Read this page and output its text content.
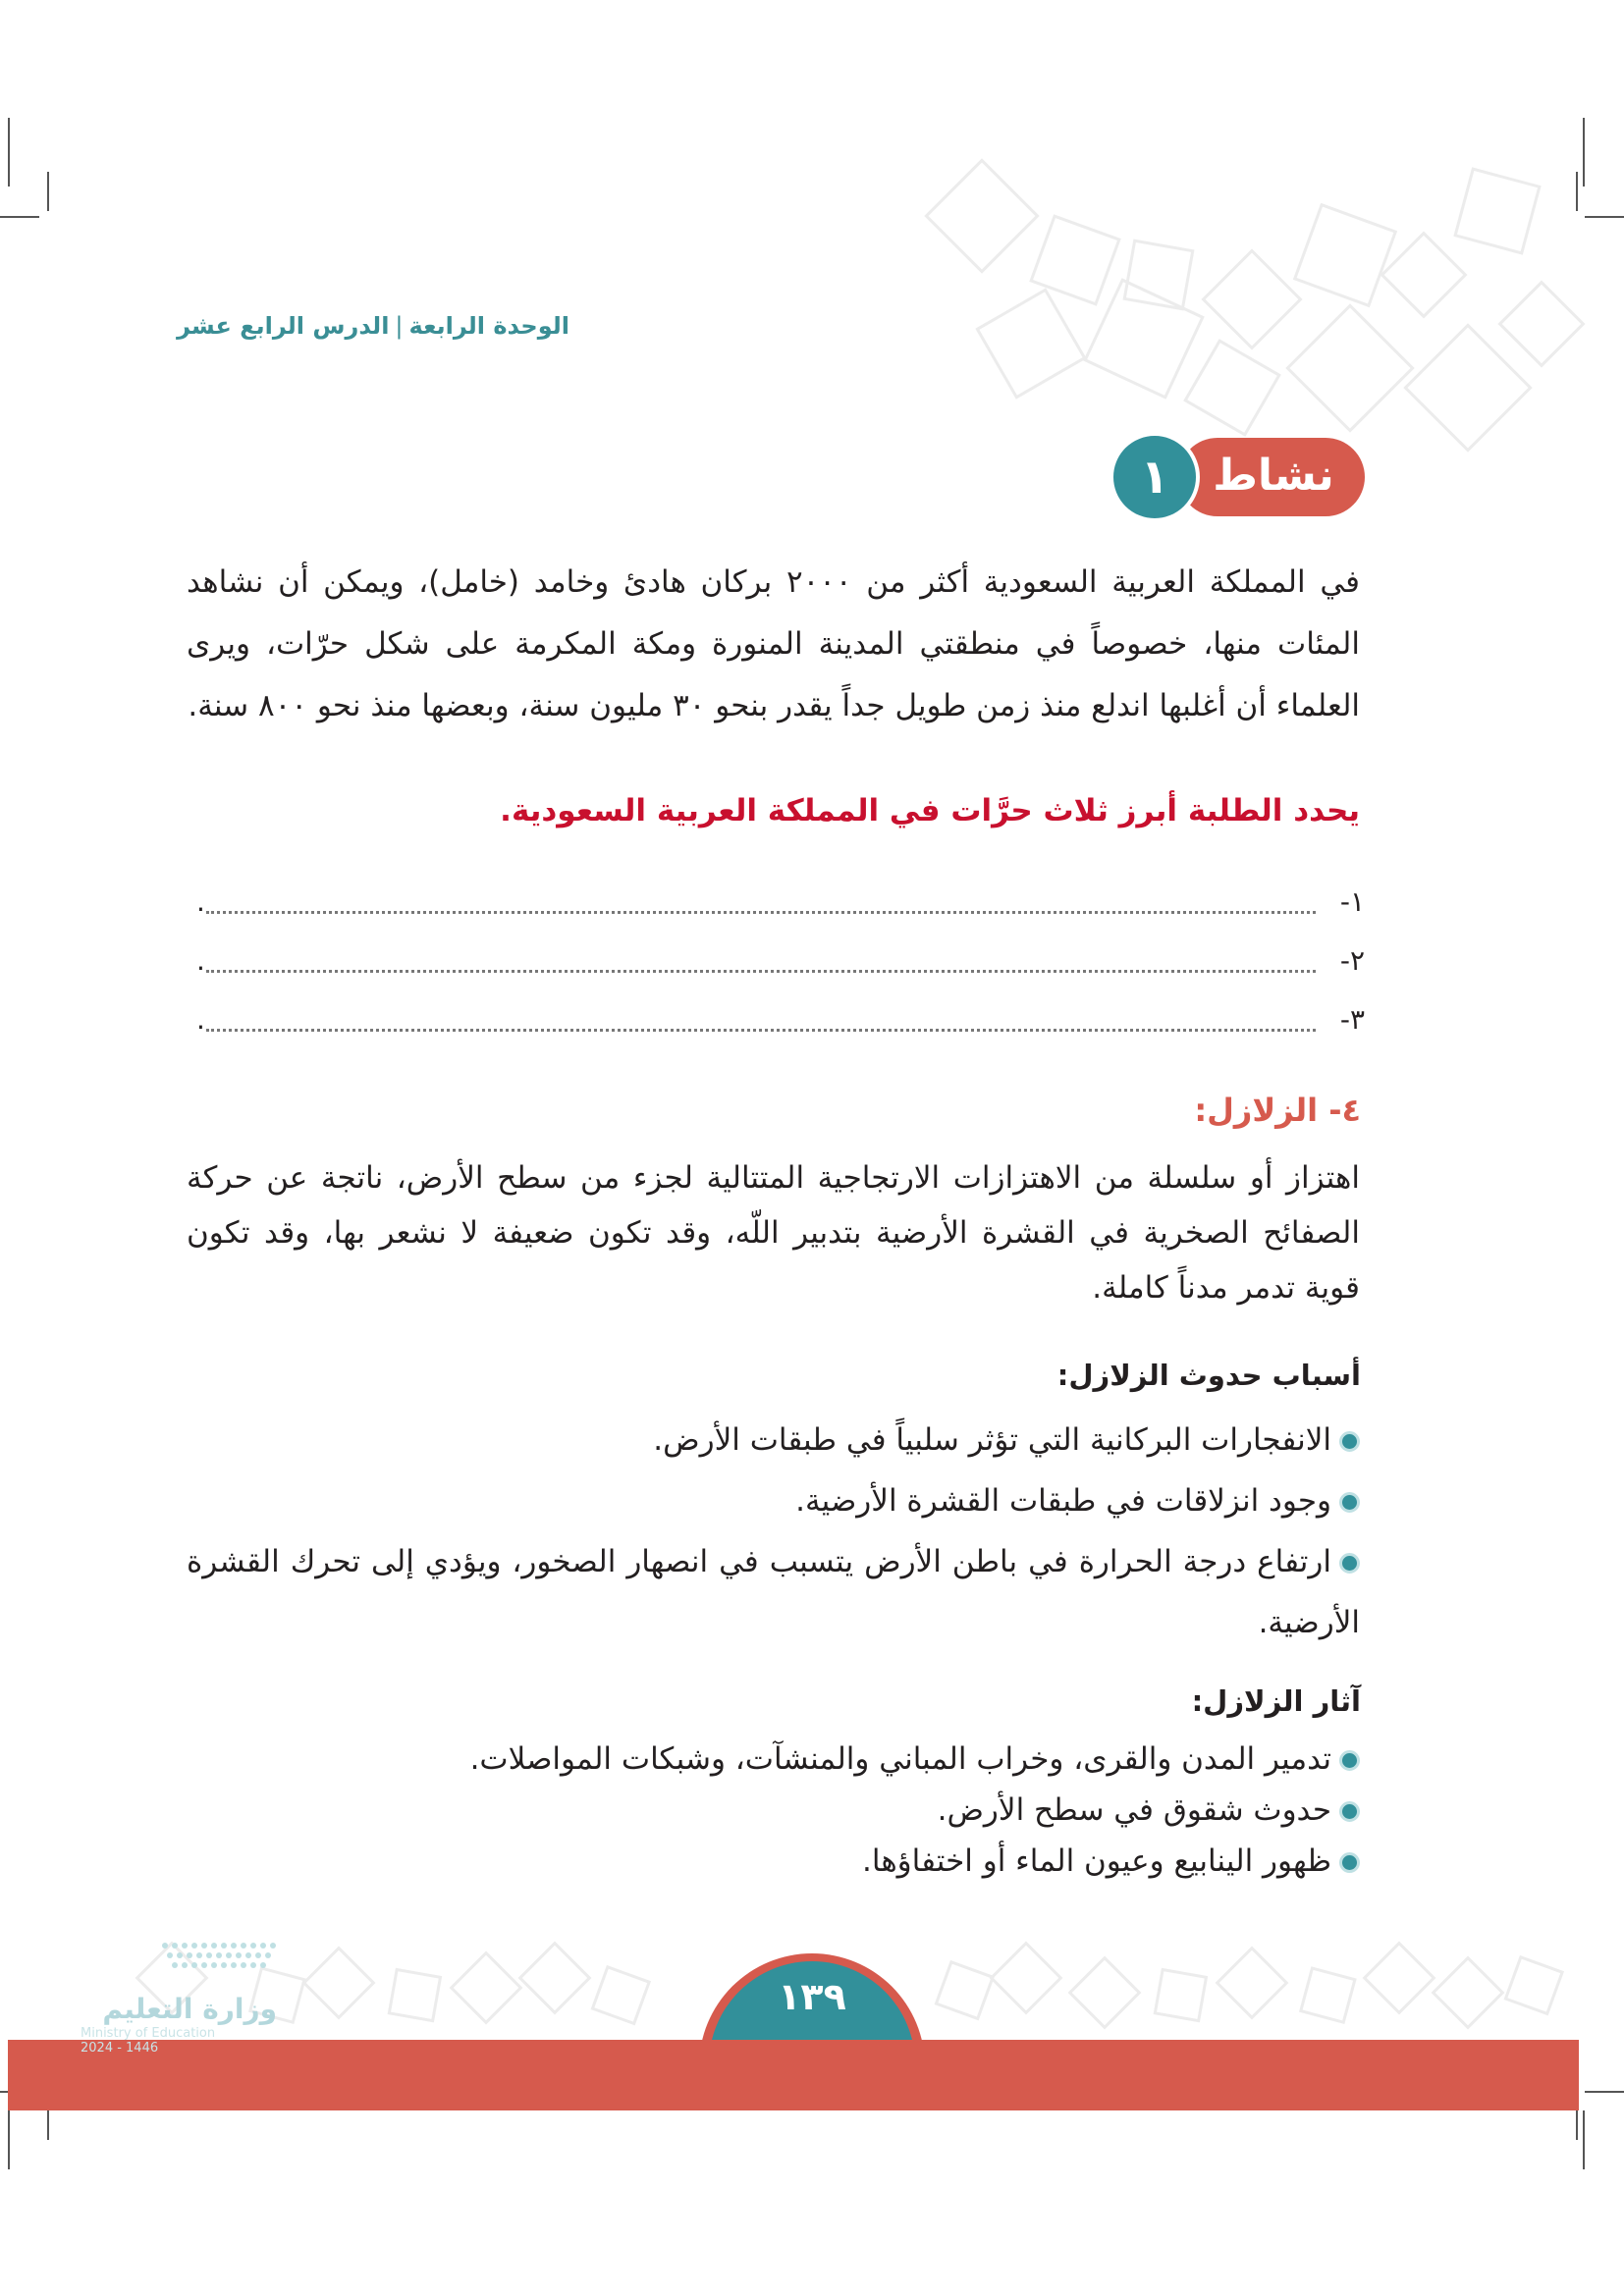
الوحدة الرابعة|الدرس الرابع عشر
نشاط
١
في المملكة العربية السعودية أكثر من ٢٠٠٠ بركان هادئ وخامد (خامل)، ويمكن أن نشاهد المئات منها، خصوصاً في منطقتي المدينة المنورة ومكة المكرمة على شكل حرّات، ويرى العلماء أن أغلبها اندلع منذ زمن طويل جداً يقدر بنحو ٣٠ مليون سنة، وبعضها منذ نحو ٨٠٠ سنة.
يحدد الطلبة أبرز ثلاث حرَّات في المملكة العربية السعودية.
١-
.
٢-
.
٣-
.
٤- الزلازل:
اهتزاز أو سلسلة من الاهتزازات الارتجاجية المتتالية لجزء من سطح الأرض، ناتجة عن حركة الصفائح الصخرية في القشرة الأرضية بتدبير اللّه، وقد تكون ضعيفة لا نشعر بها، وقد تكون قوية تدمر مدناً كاملة.
أسباب حدوث الزلازل:
الانفجارات البركانية التي تؤثر سلبياً في طبقات الأرض.
وجود انزلاقات في طبقات القشرة الأرضية.
ارتفاع درجة الحرارة في باطن الأرض يتسبب في انصهار الصخور، ويؤدي إلى تحرك القشرة الأرضية.
آثار الزلازل:
تدمير المدن والقرى، وخراب المباني والمنشآت، وشبكات المواصلات.
حدوث شقوق في سطح الأرض.
ظهور الينابيع وعيون الماء أو اختفاؤها.
١٣٩
وزارة التعليم
Ministry of Education
2024 - 1446
